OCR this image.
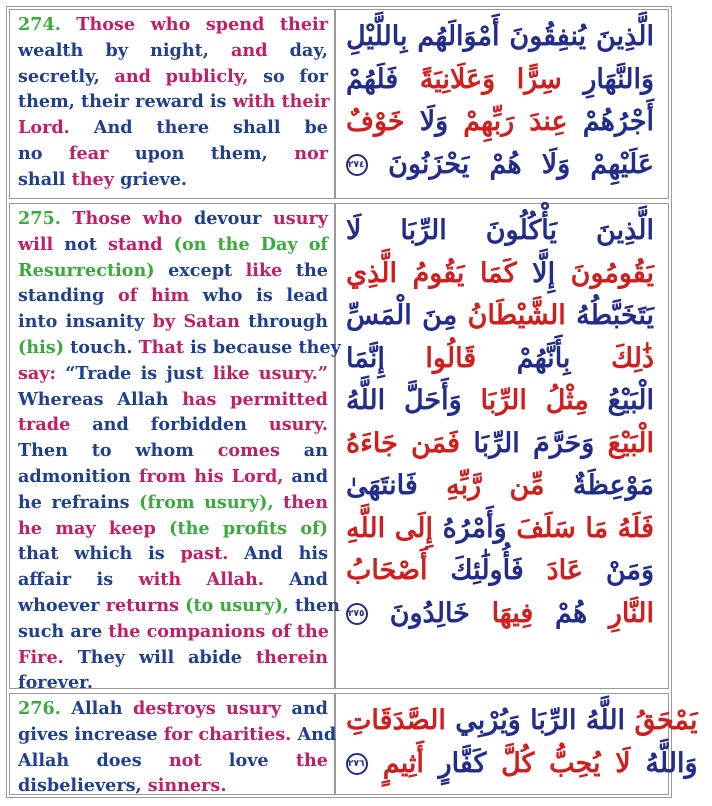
274. Those who spend their
wealth by night, and day,
secretly, and publicly, so for
them, their reward is with their
Lord. And there shall be
no fear upon them, nor
shall they grieve.
الَّذِينَ يُنفِقُونَ أَمْوَالَهُم بِاللَّيْلِ
وَالنَّهَارِ سِرًّا وَعَلَانِيَةً فَلَهُمْ
أَجْرُهُمْ عِندَ رَبِّهِمْ وَلَا خَوْفٌ
عَلَيْهِمْ وَلَا هُمْ يَحْزَنُونَ ٢٧٤
275. Those who devour usury
will not stand (on the Day of
Resurrection) except like the
standing of him who is lead
into insanity by Satan through
(his) touch. That is because they
say: “Trade is just like usury.”
Whereas Allah has permitted
trade and forbidden usury.
Then to whom comes an
admonition from his Lord, and
he refrains (from usury), then
he may keep (the profits of)
that which is past. And his
affair is with Allah. And
whoever returns (to usury), then
such are the companions of the
Fire. They will abide therein
forever.
الَّذِينَ يَأْكُلُونَ الرِّبَا لَا
يَقُومُونَ إِلَّا كَمَا يَقُومُ الَّذِي
يَتَخَبَّطُهُ الشَّيْطَانُ مِنَ الْمَسِّ
ذَٰلِكَ بِأَنَّهُمْ قَالُوا إِنَّمَا
الْبَيْعُ مِثْلُ الرِّبَا وَأَحَلَّ اللَّهُ
الْبَيْعَ وَحَرَّمَ الرِّبَا فَمَن جَاءَهُ
مَوْعِظَةٌ مِّن رَّبِّهِ فَانتَهَىٰ
فَلَهُ مَا سَلَفَ وَأَمْرُهُ إِلَى اللَّهِ
وَمَنْ عَادَ فَأُولَٰئِكَ أَصْحَابُ
النَّارِ هُمْ فِيهَا خَالِدُونَ ٢٧٥
276. Allah destroys usury and
gives increase for charities. And
Allah does not love the
disbelievers, sinners.
يَمْحَقُ اللَّهُ الرِّبَا وَيُرْبِي الصَّدَقَاتِ
وَاللَّهُ لَا يُحِبُّ كُلَّ كَفَّارٍ أَثِيمٍ ٢٧٦
